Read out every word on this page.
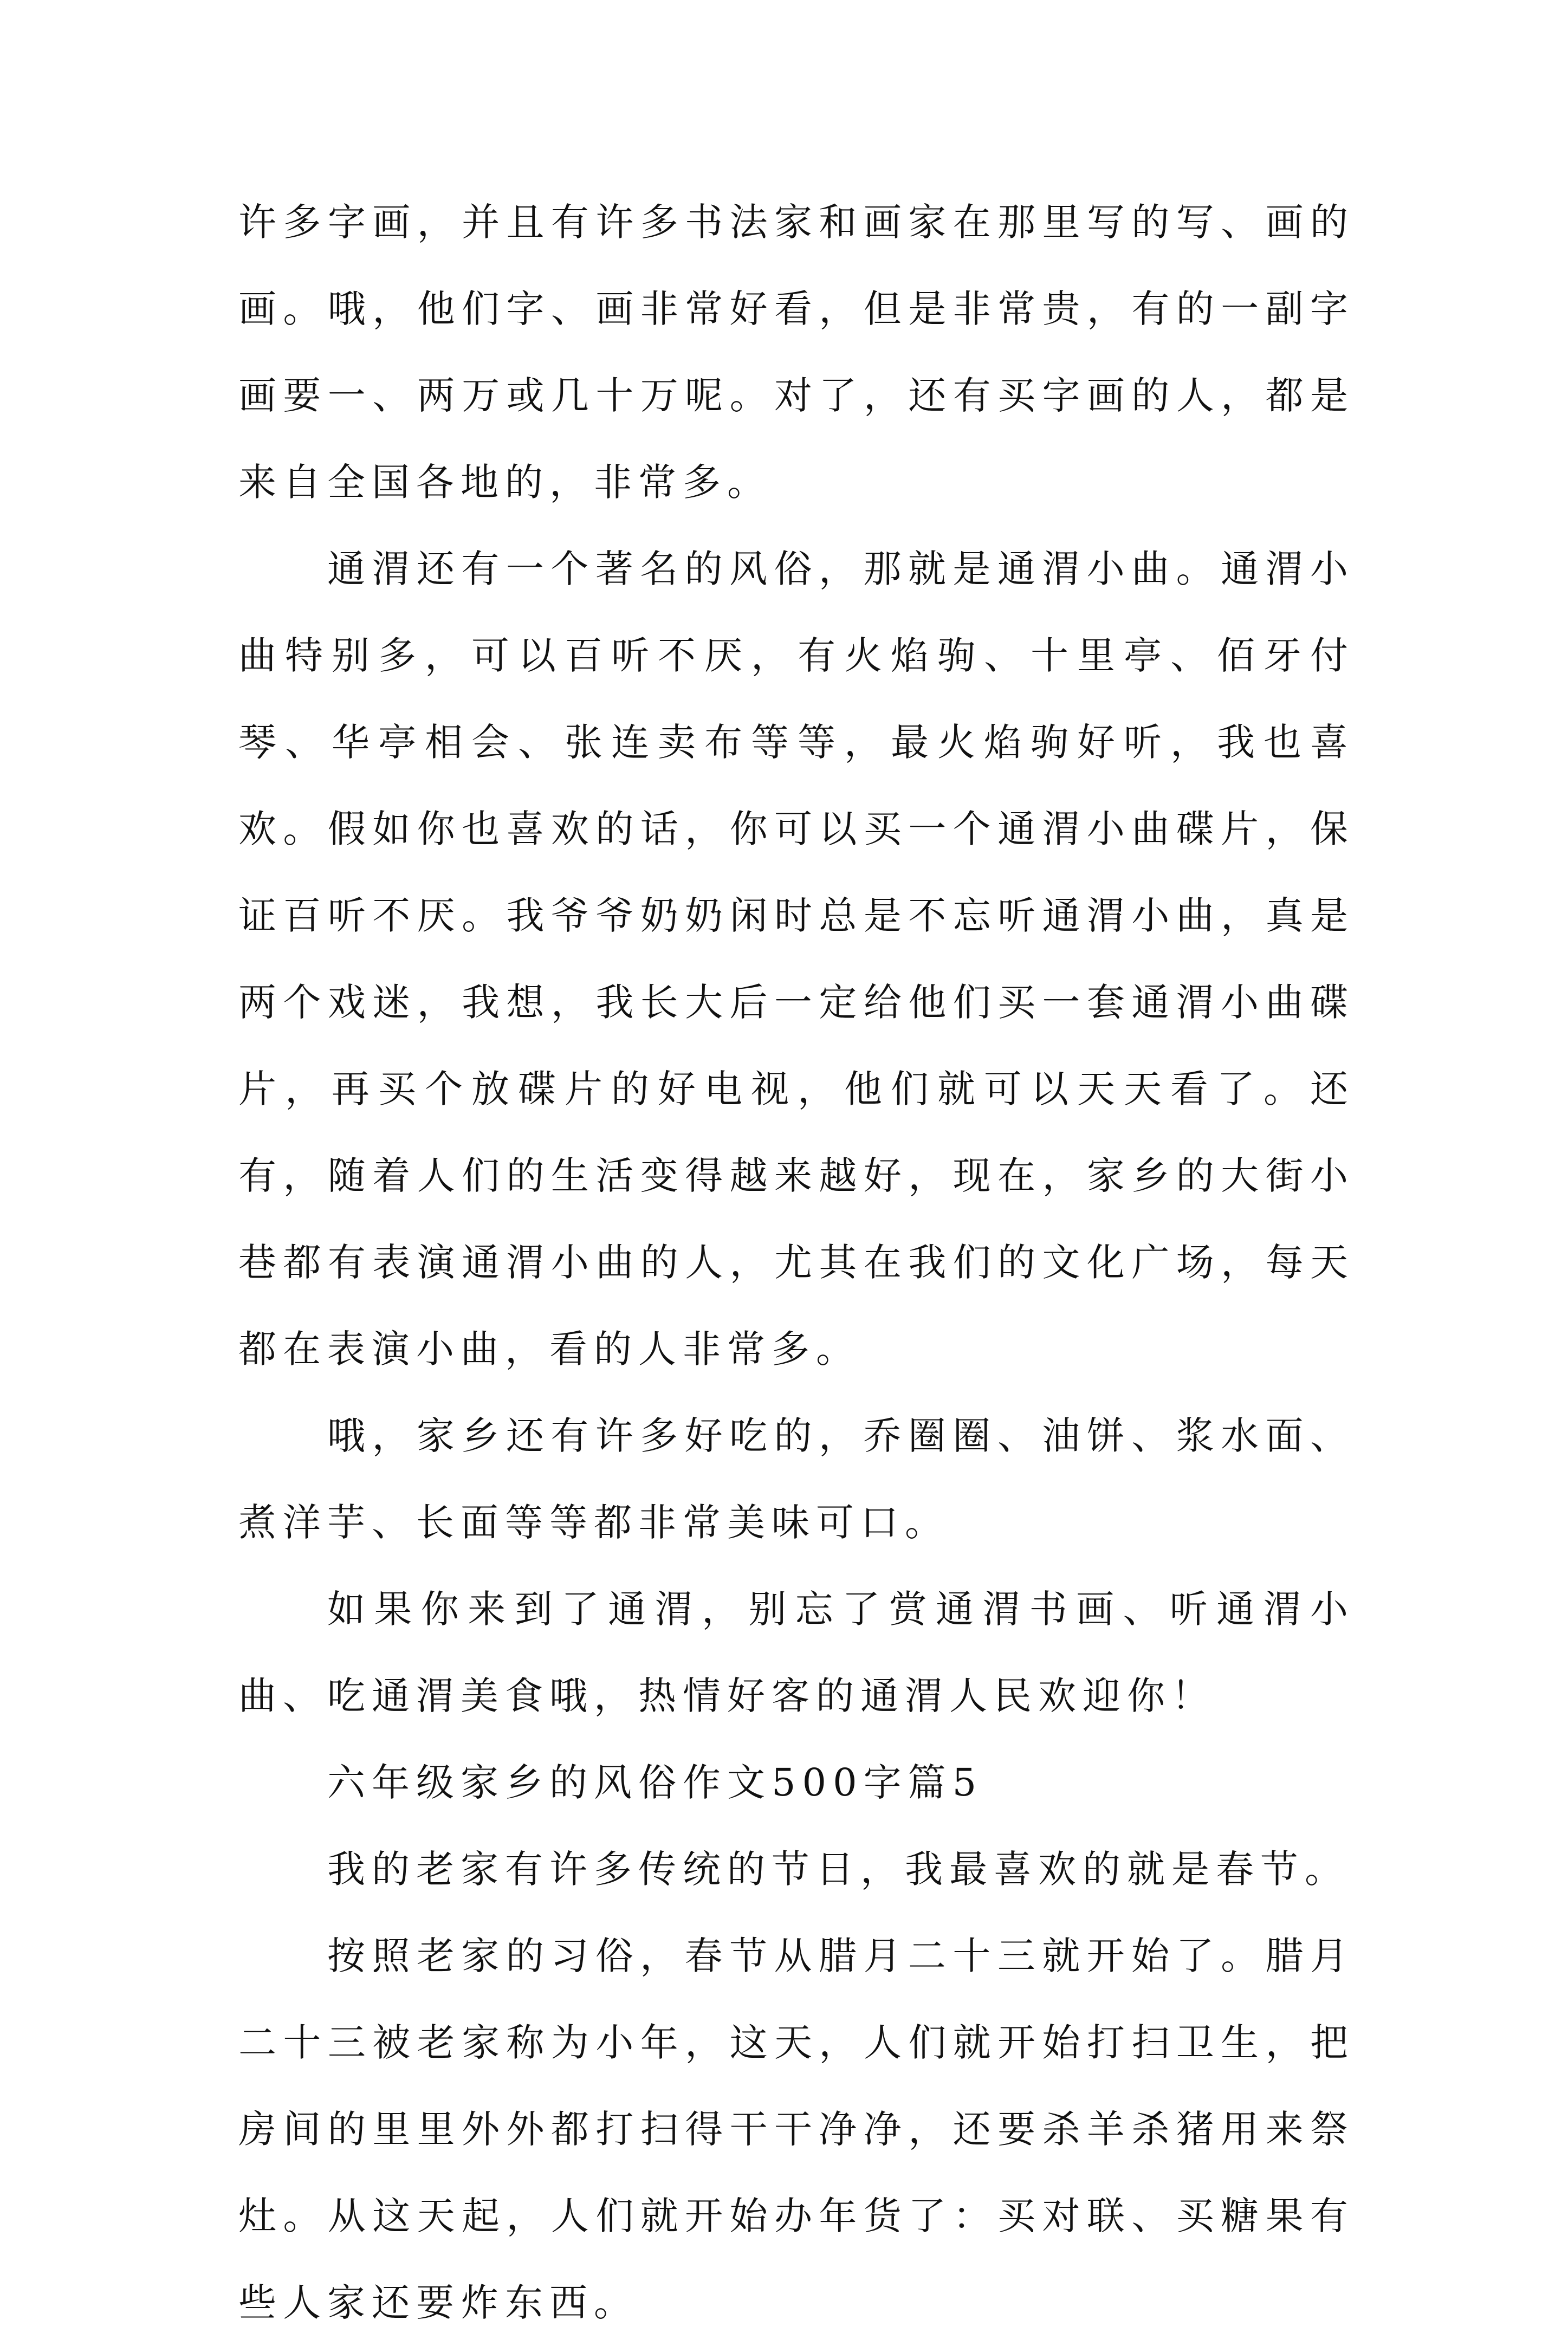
许多字画，并且有许多书法家和画家在那里写的写、画的画。哦，他们字、画非常好看，但是非常贵，有的一副字画要一、两万或几十万呢。对了，还有买字画的人，都是来自全国各地的，非常多。

通渭还有一个著名的风俗，那就是通渭小曲。通渭小曲特别多，可以百听不厌，有火焰驹、十里亭、佰牙付琴、华亭相会、张连卖布等等，最火焰驹好听，我也喜欢。假如你也喜欢的话，你可以买一个通渭小曲碟片，保证百听不厌。我爷爷奶奶闲时总是不忘听通渭小曲，真是两个戏迷，我想，我长大后一定给他们买一套通渭小曲碟片，再买个放碟片的好电视，他们就可以天天看了。还有，随着人们的生活变得越来越好，现在，家乡的大街小巷都有表演通渭小曲的人，尤其在我们的文化广场，每天都在表演小曲，看的人非常多。

哦，家乡还有许多好吃的，乔圈圈、油饼、浆水面、煮洋芋、长面等等都非常美味可口。

如果你来到了通渭，别忘了赏通渭书画、听通渭小曲、吃通渭美食哦，热情好客的通渭人民欢迎你！

六年级家乡的风俗作文500字篇5

我的老家有许多传统的节日，我最喜欢的就是春节。

按照老家的习俗，春节从腊月二十三就开始了。腊月二十三被老家称为小年，这天，人们就开始打扫卫生，把房间的里里外外都打扫得干干净净，还要杀羊杀猪用来祭灶。从这天起，人们就开始办年货了：买对联、买糖果有些人家还要炸东西。
